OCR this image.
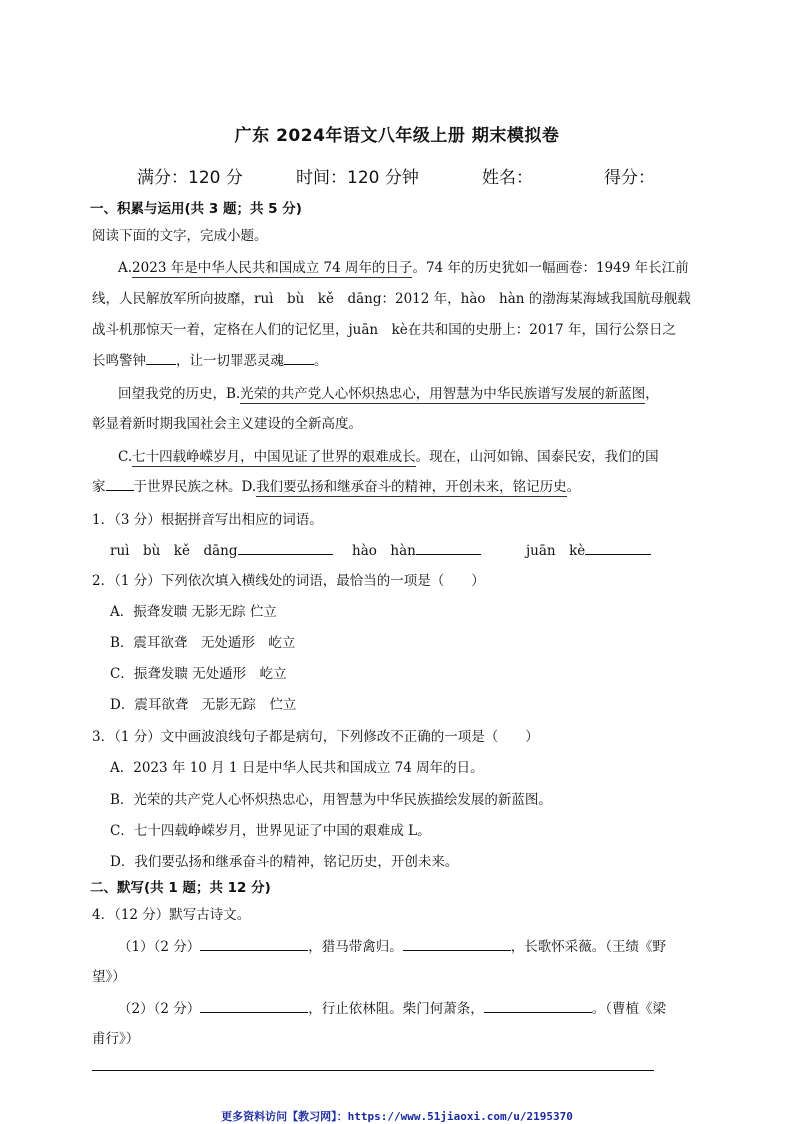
广东 2024年语文八年级上册 期末模拟卷
满分：120 分	时间：120 分钟	姓名：	得分：
一、积累与运用(共 3 题；共 5 分)
阅读下面的文字，完成小题。
A.2023 年是中华人民共和国成立 74 周年的日子。74 年的历史犹如一幅画卷：1949 年长江前
线，人民解放军所向披靡，ruì　bù　kě　dāng：2012 年，hào　hàn 的渤海某海域我国航母舰载
战斗机那惊天一着，定格在人们的记忆里，juān　kè在共和国的史册上：2017 年，国行公祭日之
长鸣警钟 ，让一切罪恶灵魂 。
回望我党的历史，B.光荣的共产党人心怀炽热忠心，用智慧为中华民族谱写发展的新蓝图，
彰显着新时期我国社会主义建设的全新高度。
C.七十四载峥嵘岁月，中国见证了世界的艰难成长。现在，山河如锦、国泰民安，我们的国
家 于世界民族之林。D.我们要弘扬和继承奋斗的精神，开创未来，铭记历史。
1．（3 分）根据拼音写出相应的词语。
ruì　bù　kě　dāng	hào　hàn	juān　kè
2．（1 分）下列依次填入横线处的词语，最恰当的一项是（　　）
A．振聋发聩 无影无踪 伫立
B．震耳欲聋　无处遁形　屹立
C．振聋发聩 无处遁形　屹立
D．震耳欲聋　无影无踪　伫立
3．（1 分）文中画波浪线句子都是病句，下列修改不正确的一项是（　　）
A．2023 年 10 月 1 日是中华人民共和国成立 74 周年的日。
B．光荣的共产党人心怀炽热忠心，用智慧为中华民族描绘发展的新蓝图。
C．七十四载峥嵘岁月，世界见证了中国的艰难成 L。
D．我们要弘扬和继承奋斗的精神，铭记历史，开创未来。
二、默写(共 1 题；共 12 分)
4．（12 分）默写古诗文。
（1）（2 分）	，猎马带禽归。	，长歌怀采薇。（王绩《野
望》）
（2）（2 分）	，行止依林阻。柴门何萧条，	。（曹植《梁
甫行》）
更多资料访问【教习网】：https://www.51jiaoxi.com/u/2195370
